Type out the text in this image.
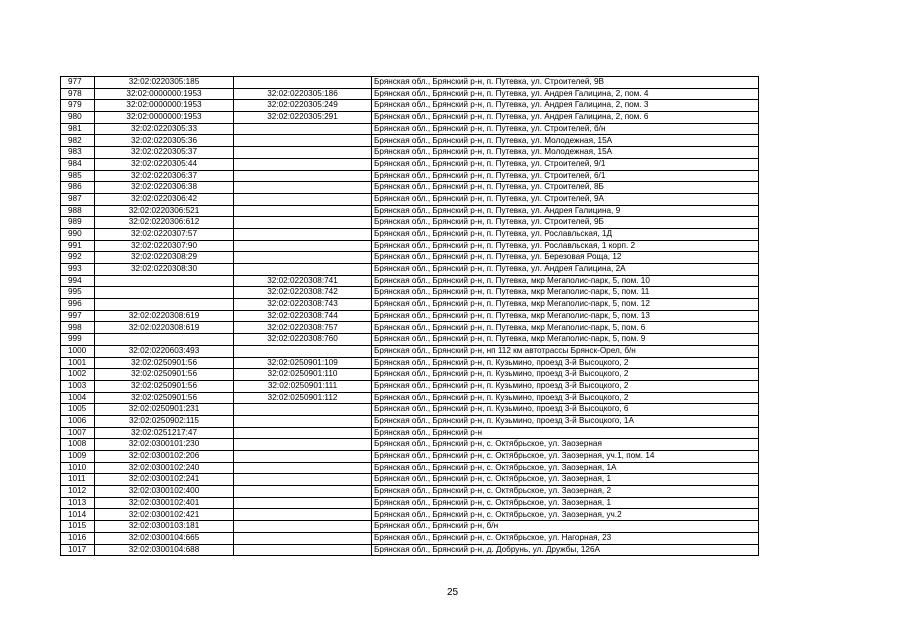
977	32:02:0220305:185		Брянская обл., Брянский р-н, п. Путевка, ул. Строителей, 9В
978	32:02:0000000:1953	32:02:0220305:186	Брянская обл., Брянский р-н, п. Путевка, ул. Андрея Галицина, 2, пом. 4
979	32:02:0000000:1953	32:02:0220305:249	Брянская обл., Брянский р-н, п. Путевка, ул. Андрея Галицина, 2, пом. 3
980	32:02:0000000:1953	32:02:0220305:291	Брянская обл., Брянский р-н, п. Путевка, ул. Андрея Галицина, 2, пом. 6
981	32:02:0220305:33		Брянская обл., Брянский р-н, п. Путевка, ул. Строителей, б/н
982	32:02:0220305:36		Брянская обл., Брянский р-н, п. Путевка, ул. Молодежная, 15А
983	32:02:0220305:37		Брянская обл., Брянский р-н, п. Путевка, ул. Молодежная, 15А
984	32:02:0220305:44		Брянская обл., Брянский р-н, п. Путевка, ул. Строителей, 9/1
985	32:02:0220306:37		Брянская обл., Брянский р-н, п. Путевка, ул. Строителей, 6/1
986	32:02:0220306:38		Брянская обл., Брянский р-н, п. Путевка, ул. Строителей, 8Б
987	32:02:0220306:42		Брянская обл., Брянский р-н, п. Путевка, ул. Строителей, 9А
988	32:02:0220306:521		Брянская обл., Брянский р-н, п. Путевка, ул. Андрея Галицина, 9
989	32:02:0220306:612		Брянская обл., Брянский р-н, п. Путевка, ул. Строителей, 9Б
990	32:02:0220307:57		Брянская обл., Брянский р-н, п. Путевка, ул. Рославльская, 1Д
991	32:02:0220307:90		Брянская обл., Брянский р-н, п. Путевка, ул. Рославльская, 1 корп. 2
992	32:02:0220308:29		Брянская обл., Брянский р-н, п. Путевка, ул. Березовая Роща, 12
993	32:02:0220308:30		Брянская обл., Брянский р-н, п. Путевка, ул. Андрея Галицина, 2А
994		32:02:0220308:741	Брянская обл., Брянский р-н, п. Путевка, мкр Мегаполис-парк, 5, пом. 10
995		32:02:0220308:742	Брянская обл., Брянский р-н, п. Путевка, мкр Мегаполис-парк, 5, пом. 11
996		32:02:0220308:743	Брянская обл., Брянский р-н, п. Путевка, мкр Мегаполис-парк, 5, пом. 12
997	32:02:0220308:619	32:02:0220308:744	Брянская обл., Брянский р-н, п. Путевка, мкр Мегаполис-парк, 5, пом. 13
998	32:02:0220308:619	32:02:0220308:757	Брянская обл., Брянский р-н, п. Путевка, мкр Мегаполис-парк, 5, пом. 6
999		32:02:0220308:760	Брянская обл., Брянский р-н, п. Путевка, мкр Мегаполис-парк, 5, пом. 9
1000	32:02:0220603:493		Брянская обл., Брянский р-н, нп 112 км автотрассы Брянск-Орел, б/н
1001	32:02:0250901:56	32:02:0250901:109	Брянская обл., Брянский р-н, п. Кузьмино, проезд 3-й Высоцкого, 2
1002	32:02:0250901:56	32:02:0250901:110	Брянская обл., Брянский р-н, п. Кузьмино, проезд 3-й Высоцкого, 2
1003	32:02:0250901:56	32:02:0250901:111	Брянская обл., Брянский р-н, п. Кузьмино, проезд 3-й Высоцкого, 2
1004	32:02:0250901:56	32:02:0250901:112	Брянская обл., Брянский р-н, п. Кузьмино, проезд 3-й Высоцкого, 2
1005	32:02:0250901:231		Брянская обл., Брянский р-н, п. Кузьмино, проезд 3-й Высоцкого, 6
1006	32:02:0250902:115		Брянская обл., Брянский р-н, п. Кузьмино, проезд 3-й Высоцкого, 1А
1007	32:02:0251217:47		Брянская обл., Брянский р-н
1008	32:02:0300101:230		Брянская обл., Брянский р-н, с. Октябрьское, ул. Заозерная
1009	32:02:0300102:206		Брянская обл., Брянский р-н, с. Октябрьское, ул. Заозерная, уч.1, пом. 14
1010	32:02:0300102:240		Брянская обл., Брянский р-н, с. Октябрьское, ул. Заозерная, 1А
1011	32:02:0300102:241		Брянская обл., Брянский р-н, с. Октябрьское, ул. Заозерная, 1
1012	32:02:0300102:400		Брянская обл., Брянский р-н, с. Октябрьское, ул. Заозерная, 2
1013	32:02:0300102:401		Брянская обл., Брянский р-н, с. Октябрьское, ул. Заозерная, 1
1014	32:02:0300102:421		Брянская обл., Брянский р-н, с. Октябрьское, ул. Заозерная, уч.2
1015	32:02:0300103:181		Брянская обл., Брянский р-н, б/н
1016	32:02:0300104:665		Брянская обл., Брянский р-н, с. Октябрьское, ул. Нагорная, 23
1017	32:02:0300104:688		Брянская обл., Брянский р-н, д. Добрунь, ул. Дружбы, 126А
25
